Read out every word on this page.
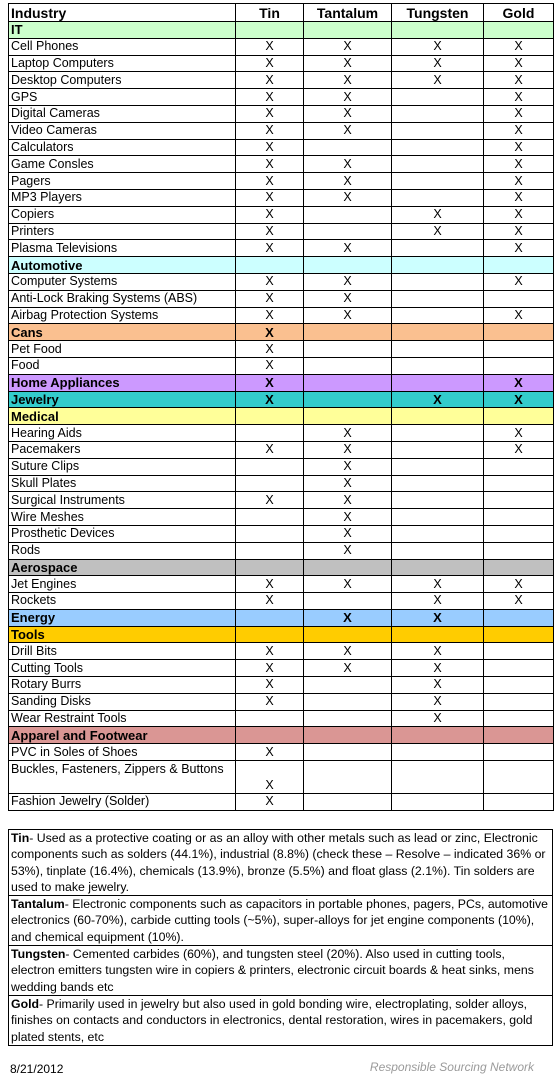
Industry	Tin	Tantalum	Tungsten	Gold
IT				
Cell Phones	X	X	X	X
Laptop Computers	X	X	X	X
Desktop Computers	X	X	X	X
GPS	X	X		X
Digital Cameras	X	X		X
Video Cameras	X	X		X
Calculators	X			X
Game Consles	X	X		X
Pagers	X	X		X
MP3 Players	X	X		X
Copiers	X		X	X
Printers	X		X	X
Plasma Televisions	X	X		X
Automotive				
Computer Systems	X	X		X
Anti-Lock Braking Systems (ABS)	X	X		
Airbag Protection Systems	X	X		X
Cans	X			
Pet Food	X			
Food	X			
Home Appliances	X			X
Jewelry	X		X	X
Medical				
Hearing Aids		X		X
Pacemakers	X	X		X
Suture Clips		X		
Skull Plates		X		
Surgical Instruments	X	X		
Wire Meshes		X		
Prosthetic Devices		X		
Rods		X		
Aerospace				
Jet Engines	X	X	X	X
Rockets	X		X	X
Energy		X	X	
Tools				
Drill Bits	X	X	X	
Cutting Tools	X	X	X	
Rotary Burrs	X		X	
Sanding Disks	X		X	
Wear Restraint Tools			X	
Apparel and Footwear				
PVC in Soles of Shoes	X			
Buckles, Fasteners, Zippers & Buttons	X			
Fashion Jewelry (Solder)	X			
Tin- Used as a protective coating or as an alloy with other metals such as lead or zinc, Electronic components such as solders (44.1%), industrial (8.8%) (check these – Resolve – indicated 36% or 53%), tinplate (16.4%), chemicals (13.9%), bronze (5.5%) and float glass (2.1%). Tin solders are used to make jewelry.
Tantalum- Electronic components such as capacitors in portable phones, pagers, PCs, automotive electronics (60-70%), carbide cutting tools (~5%), super-alloys for jet engine components (10%), and chemical equipment (10%).
Tungsten- Cemented carbides (60%), and tungsten steel (20%). Also used in cutting tools, electron emitters tungsten wire in copiers & printers, electronic circuit boards & heat sinks, mens wedding bands etc
Gold- Primarily used in jewelry but also used in gold bonding wire, electroplating, solder alloys, finishes on contacts and conductors in electronics, dental restoration, wires in pacemakers, gold plated stents, etc
8/21/2012	Responsible Sourcing Network
